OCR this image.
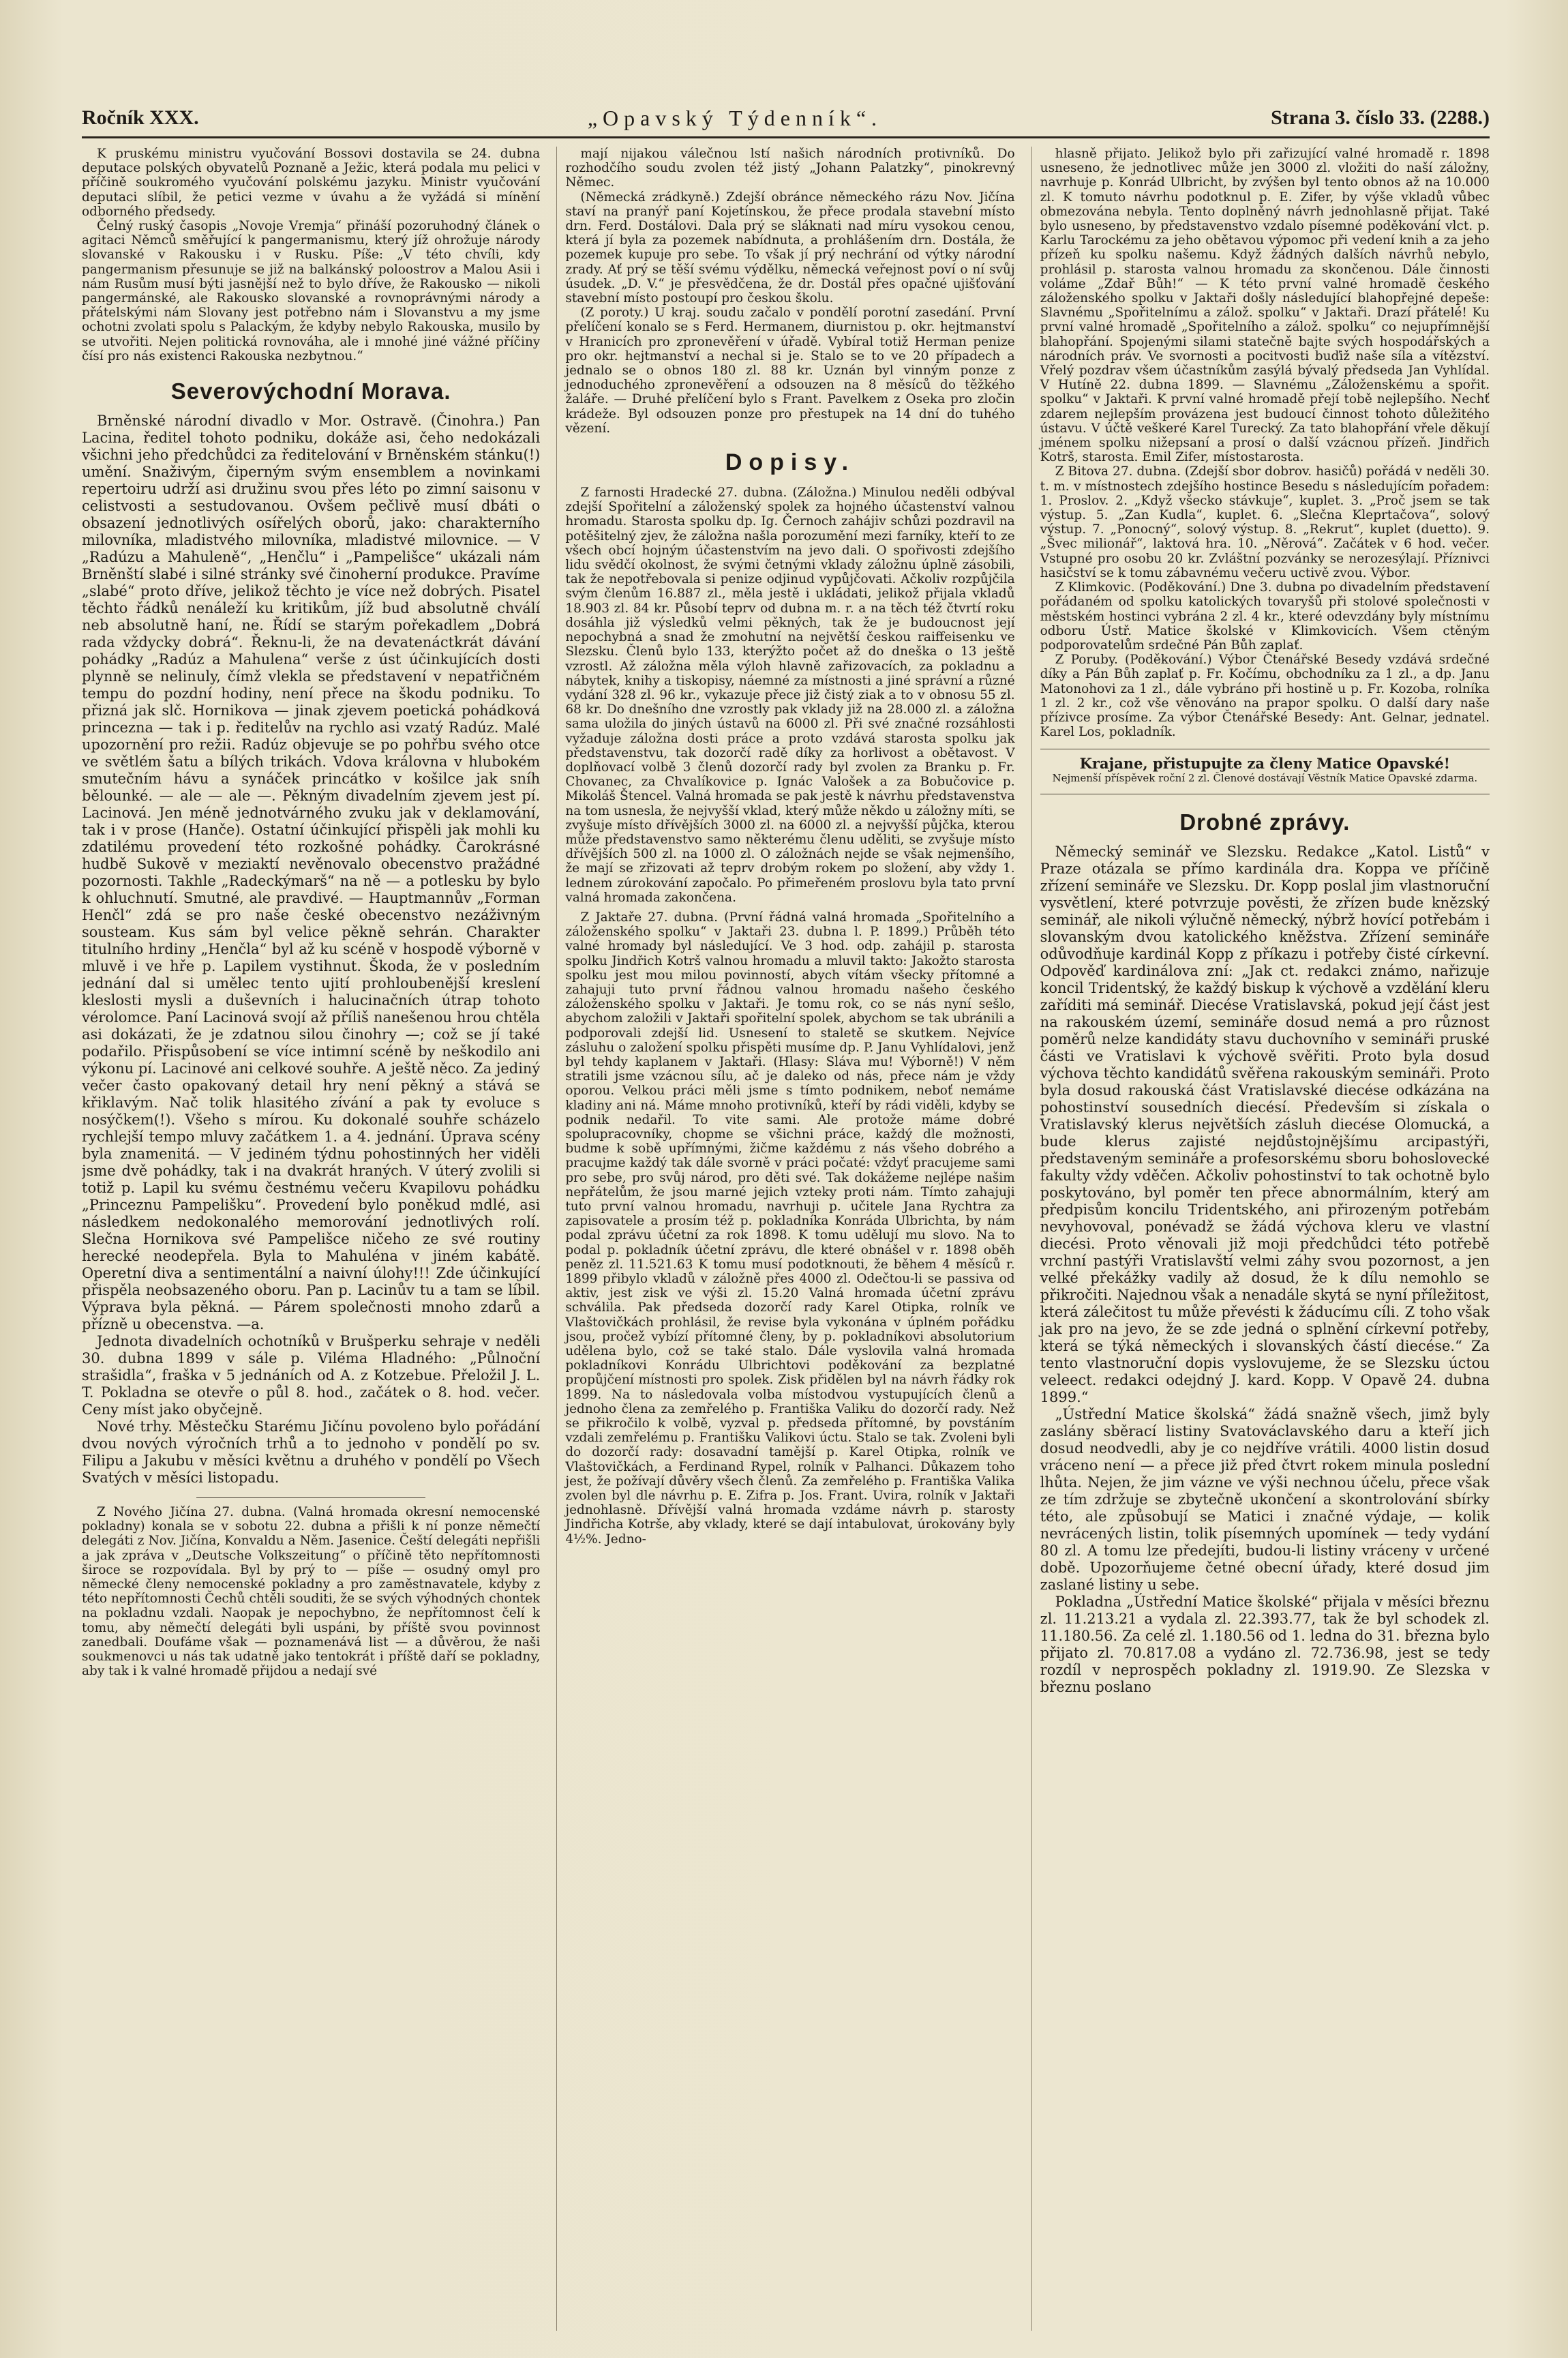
Ročník XXX.	„Opavský Týdenník“.	Strana 3. číslo 33. (2288.)

K pruskému ministru vyučování Bossovi dostavila se 24. dubna deputace polských obyvatelů Poznaně a Ježic, která podala mu pelici v příčině soukromého vyučování polskému jazyku. Ministr vyučování deputaci slíbil, že petici vezme v úvahu a že vyžádá si mínění odborného předsedy.

Čelný ruský časopis „Novoje Vremja“ přináší pozoruhodný článek o agitaci Němců směřující k pangermanismu, který jíž ohrožuje národy slovanské v Rakousku i v Rusku. Píše: „V této chvíli, kdy pangermanism přesunuje se již na balkánský poloostrov a Malou Asii i nám Rusům musí býti jasnější než to bylo dříve, že Rakousko — nikoli pangermánské, ale Rakousko slovanské a rovnoprávnými národy a přátelskými nám Slovany jest potřebno nám i Slovanstvu a my jsme ochotni zvolati spolu s Palackým, že kdyby nebylo Rakouska, musilo by se utvořiti. Nejen politická rovnováha, ale i mnohé jiné vážné příčiny čísí pro nás existenci Rakouska nezbytnou.“

Severovýchodní Morava.

Brněnské národní divadlo v Mor. Ostravě. (Činohra.) Pan Lacina, ředitel tohoto podniku, dokáže asi, čeho nedokázali všichni jeho předchůdci za ředitelování v Brněnském stánku(!) umění. Snaživým, čiperným svým ensemblem a novinkami repertoiru udrží asi družinu svou přes léto po zimní saisonu v celistvosti a sestudovanou. Ovšem pečlivě musí dbáti o obsazení jednotlivých osířelých oborů, jako: charakterního milovníka, mladistvého milovníka, mladistvé milovnice. — V „Radúzu a Mahuleně“, „Henčlu“ i „Pampelišce“ ukázali nám Brněnští slabé i silné stránky své činoherní produkce. Pravíme „slabé“ proto dříve, jelikož těchto je více než dobrých. Pisatel těchto řádků nenáleží ku kritikům, jíž bud absolutně chválí neb absolutně haní, ne. Řídí se starým pořekadlem „Dobrá rada vždycky dobrá“. Řeknu-li, že na devatenáctkrát dávání pohádky „Radúz a Mahulena“ verše z úst účinkujících dosti plynně se nelinuly, čímž vlekla se představení v nepatřičném tempu do pozdní hodiny, není přece na škodu podniku. To přizná jak slč. Hornikova — jinak zjevem poetická pohádková princezna — tak i p. ředitelův na rychlo asi vzatý Radúz. Malé upozornění pro režii. Radúz objevuje se po pohřbu svého otce ve světlém šatu a bílých trikách. Vdova královna v hlubokém smutečním hávu a synáček princátko v košilce jak sníh bělounké. — ale — ale —. Pěkným divadelním zjevem jest pí. Lacinová. Jen méně jednotvárného zvuku jak v deklamování, tak i v prose (Hanče). Ostatní účinkující přispěli jak mohli ku zdatilému provedení této rozkošné pohádky. Čarokrásné hudbě Sukově v meziaktí nevěnovalo obecenstvo pražádné pozornosti. Takhle „Radeckýmarš“ na ně — a potlesku by bylo k ohluchnutí. Smutné, ale pravdivé. — Hauptmannův „Forman Henčl“ zdá se pro naše české obecenstvo nezáživným sousteam. Kus sám byl velice pěkně sehrán. Charakter titulního hrdiny „Henčla“ byl až ku scéně v hospodě výborně v mluvě i ve hře p. Lapilem vystihnut. Škoda, že v posledním jednání dal si umělec tento ujití prohloubenější kreslení kleslosti mysli a duševních i halucinačních útrap tohoto vérolomce. Paní Lacinová svojí až příliš nanešenou hrou chtěla asi dokázati, že je zdatnou silou činohry —; což se jí také podařilo. Přispůsobení se více intimní scéně by neškodilo ani výkonu pí. Lacinové ani celkové souhře. A ještě něco. Za jediný večer často opakovaný detail hry není pěkný a stává se křiklavým. Nač tolik hlasitého zívání a pak ty evoluce s nosýčkem(!). Všeho s mírou. Ku dokonalé souhře scházelo rychlejší tempo mluvy začátkem 1. a 4. jednání. Úprava scény byla znamenitá. — V jediném týdnu pohostinných her viděli jsme dvě pohádky, tak i na dvakrát hraných. V úterý zvolili si totiž p. Lapil ku svému čestnému večeru Kvapilovu pohádku „Princeznu Pampelišku“. Provedení bylo poněkud mdlé, asi následkem nedokonalého memorování jednotlivých rolí. Slečna Hornikova své Pampelišce ničeho ze své routiny herecké neodepřela. Byla to Mahuléna v jiném kabátě. Operetní diva a sentimentální a naivní úlohy!!! Zde účinkující přispěla neobsazeného oboru. Pan p. Lacinův tu a tam se líbil. Výprava byla pěkná. — Párem společnosti mnoho zdarů a přízně u obecenstva. —a.

Jednota divadelních ochotníků v Brušperku sehraje v neděli 30. dubna 1899 v sále p. Viléma Hladného: „Půlnoční strašidla“, fraška v 5 jednáních od A. z Kotzebue. Přeložil J. L. T. Pokladna se otevře o půl 8. hod., začátek o 8. hod. večer. Ceny míst jako obyčejně.

Nové trhy. Městečku Starému Jičínu povoleno bylo pořádání dvou nových výročních trhů a to jednoho v pondělí po sv. Filipu a Jakubu v měsíci květnu a druhého v pondělí po Všech Svatých v měsíci listopadu.

Z Nového Jičína 27. dubna. (Valná hromada okresní nemocenské pokladny) konala se v sobotu 22. dubna a přišli k ní ponze němečtí delegáti z Nov. Jičína, Konvaldu a Něm. Jasenice. Čeští delegáti nepřišli a jak zpráva v „Deutsche Volkszeitung“ o příčině těto nepřítomnosti široce se rozpovídala. Byl by prý to — píše — osudný omyl pro německé členy nemocenské pokladny a pro zaměstnavatele, kdyby z této nepřítomnosti Čechů chtěli souditi, že se svých výhodných chontek na pokladnu vzdali. Naopak je nepochybno, že nepřítomnost čelí k tomu, aby němečtí delegáti byli uspáni, by příště svou povinnost zanedbali. Doufáme však — poznamenává list — a důvěrou, že naši soukmenovci u nás tak udatně jako tentokrát i příště daří se pokladny, aby tak i k valné hromadě přijdou a nedají své

mají nijakou válečnou lstí našich národních protivníků. Do rozhodčího soudu zvolen též jistý „Johann Palatzky“, pinokrevný Němec.

(Německá zrádkyně.) Zdejší obránce německého rázu Nov. Jičína staví na pranýř paní Kojetínskou, že přece prodala stavební místo drn. Ferd. Dostálovi. Dala prý se sláknati nad míru vysokou cenou, která jí byla za pozemek nabídnuta, a prohlášením drn. Dostála, že pozemek kupuje pro sebe. To však jí prý nechrání od výtky národní zrady. Ať prý se těší svému výdělku, německá veřejnost poví o ní svůj úsudek. „D. V.“ je přesvědčena, že dr. Dostál přes opačné ujišťování stavební místo postoupí pro českou školu.

(Z poroty.) U kraj. soudu začalo v pondělí porotní zasedání. První přelíčení konalo se s Ferd. Hermanem, diurnistou p. okr. hejtmanství v Hranicích pro zpronevěření v úřadě. Vybíral totiž Herman penize pro okr. hejtmanství a nechal si je. Stalo se to ve 20 případech a jednalo se o obnos 180 zl. 88 kr. Uznán byl vinným ponze z jednoduchého zpronevěření a odsouzen na 8 měsíců do těžkého žaláře. — Druhé přelíčení bylo s Frant. Pavelkem z Oseka pro zločin krádeže. Byl odsouzen ponze pro přestupek na 14 dní do tuhého vězení.

Dopisy.

Z farnosti Hradecké 27. dubna. (Záložna.) Minulou neděli odbýval zdejší Spořitelní a záloženský spolek za hojného účastenství valnou hromadu. Starosta spolku dp. Ig. Černoch zahájiv schůzi pozdravil na potěšitelný zjev, že záložna našla porozumění mezi farníky, kteří to ze všech obcí hojným účastenstvím na jevo dali. O spořivosti zdejšího lidu svědčí okolnost, že svými četnými vklady záložnu úplně zásobili, tak že nepotřebovala si penize odjinud vypůjčovati. Ačkoliv rozpůjčila svým členům 16.887 zl., měla jestě i ukládati, jelikož přijala vkladů 18.903 zl. 84 kr. Působí teprv od dubna m. r. a na těch též čtvrtí roku dosáhla již výsledků velmi pěkných, tak že je budoucnost její nepochybná a snad že zmohutní na největší českou raiffeisenku ve Slezsku. Členů bylo 133, kterýžto počet až do dneška o 13 ještě vzrostl. Až záložna měla výloh hlavně zařizovacích, za pokladnu a nábytek, knihy a tiskopisy, náemné za místnosti a jiné správní a různé vydání 328 zl. 96 kr., vykazuje přece již čistý ziak a to v obnosu 55 zl. 68 kr. Do dnešního dne vzrostly pak vklady již na 28.000 zl. a záložna sama uložila do jiných ústavů na 6000 zl. Při své značné rozsáhlosti vyžaduje záložna dosti práce a proto vzdává starosta spolku jak představenstvu, tak dozorčí radě díky za horlivost a obětavost. V doplňovací volbě 3 členů dozorčí rady byl zvolen za Branku p. Fr. Chovanec, za Chvalíkovice p. Ignác Valošek a za Bobučovice p. Mikoláš Štencel. Valná hromada se pak jestě k návrhu představenstva na tom usnesla, že nejvyšší vklad, který může někdo u záložny míti, se zvyšuje místo dřívějších 3000 zl. na 6000 zl. a nejvyšší půjčka, kterou může představenstvo samo některému členu uděliti, se zvyšuje místo dřívějších 500 zl. na 1000 zl. O záložnách nejde se však nejmenšího, že mají se zřizovati až teprv drobým rokem po složení, aby vždy 1. lednem zúrokování započalo. Po přimeřeném proslovu byla tato první valná hromada zakončena.

Z Jaktaře 27. dubna. (První řádná valná hromada „Spořitelního a záloženského spolku“ v Jaktaři 23. dubna l. P. 1899.) Průběh této valné hromady byl následující. Ve 3 hod. odp. zahájil p. starosta spolku Jindřich Kotrš valnou hromadu a mluvil takto: Jakožto starosta spolku jest mou milou povinností, abych vítám všecky přítomné a zahajuji tuto první řádnou valnou hromadu našeho českého záloženského spolku v Jaktaři. Je tomu rok, co se nás nyní sešlo, abychom založili v Jaktaři spořitelní spolek, abychom se tak ubránili a podporovali zdejší lid. Usnesení to staletě se skutkem. Nejvíce zásluhu o založení spolku přispěti musíme dp. P. Janu Vyhlídalovi, jenž byl tehdy kaplanem v Jaktaři. (Hlasy: Sláva mu! Výborně!) V něm stratili jsme vzácnou sílu, ač je daleko od nás, přece nám je vždy oporou. Velkou práci měli jsme s tímto podnikem, neboť nemáme kladiny ani ná. Máme mnoho protivníků, kteří by rádi viděli, kdyby se podnik nedařil. To vite sami. Ale protože máme dobré spolupracovníky, chopme se všichni práce, každý dle možnosti, budme k sobě upřímnými, žičme každému z nás všeho dobrého a pracujme každý tak dále svorně v práci počaté: vždyť pracujeme sami pro sebe, pro svůj národ, pro děti své. Tak dokážeme nejlépe našim nepřátelům, že jsou marné jejich vzteky proti nám. Tímto zahajuji tuto první valnou hromadu, navrhuji p. učitele Jana Rychtra za zapisovatele a prosím též p. pokladníka Konráda Ulbrichta, by nám podal zprávu účetní za rok 1898. K tomu udělují mu slovo. Na to podal p. pokladník účetní zprávu, dle které obnášel v r. 1898 oběh peněz zl. 11.521.63 K tomu musí podotknouti, že během 4 měsíců r. 1899 přibylo vkladů v záložně přes 4000 zl. Odečtou-li se passiva od aktiv, jest zisk ve výši zl. 15.20 Valná hromada účetní zprávu schválila. Pak předseda dozorčí rady Karel Otipka, rolník ve Vlaštovičkách prohlásil, že revise byla vykonána v úplném pořádku jsou, pročež vybízí přítomné členy, by p. pokladníkovi absolutorium udělena bylo, což se také stalo. Dále vyslovila valná hromada pokladníkovi Konrádu Ulbrichtovi poděkování za bezplatné propůjčení místnosti pro spolek. Zisk přidělen byl na návrh řádky rok 1899. Na to následovala volba místodvou vystupujících členů a jednoho člena za zemřelého p. Františka Valiku do dozorčí rady. Než se přikročilo k volbě, vyzval p. předseda přítomné, by povstáním vzdali zemřelému p. Františku Valikovi úctu. Stalo se tak. Zvoleni byli do dozorčí rady: dosavadní tamější p. Karel Otipka, rolník ve Vlaštovičkách, a Ferdinand Rypel, rolník v Palhanci. Důkazem toho jest, že požívají důvěry všech členů. Za zemřelého p. Františka Valika zvolen byl dle návrhu p. E. Zifra p. Jos. Frant. Uvira, rolník v Jaktaři jednohlasně. Dřívější valná hromada vzdáme návrh p. starosty Jindřicha Kotrše, aby vklady, které se dají intabulovat, úrokovány byly 4½%. Jedno-

hlasně přijato. Jelikož bylo při zařizující valné hromadě r. 1898 usneseno, že jednotlivec může jen 3000 zl. vložiti do naší záložny, navrhuje p. Konrád Ulbricht, by zvýšen byl tento obnos až na 10.000 zl. K tomuto návrhu podotknul p. E. Zifer, by výše vkladů vůbec obmezována nebyla. Tento doplněný návrh jednohlasně přijat. Také bylo usneseno, by představenstvo vzdalo písemné poděkování vlct. p. Karlu Tarockému za jeho obětavou výpomoc při vedení knih a za jeho přízeň ku spolku našemu. Když žádných dalších návrhů nebylo, prohlásil p. starosta valnou hromadu za skončenou. Dále činnosti voláme „Zdař Bůh!“ — K této první valné hromadě českého záloženského spolku v Jaktaři došly následující blahopřejné depeše: Slavnému „Spořitelnímu a zálož. spolku“ v Jaktaři. Drazí přátelé! Ku první valné hromadě „Spořitelního a zálož. spolku“ co nejupřímnější blahopřání. Spojenými silami statečně bajte svých hospodářských a národních práv. Ve svornosti a pocitvosti buďiž naše síla a vítězství. Vřelý pozdrav všem účastníkům zasýlá bývalý předseda Jan Vyhlídal. V Hutíně 22. dubna 1899. — Slavnému „Záloženskému a spořit. spolku“ v Jaktaři. K první valné hromadě přejí tobě nejlepšího. Nechť zdarem nejlepším provázena jest budoucí činnost tohoto důležitého ústavu. V účtě veškeré Karel Turecký. Za tato blahopřání vřele děkují jménem spolku nižepsaní a prosí o další vzácnou přízeň. Jindřich Kotrš, starosta. Emil Zifer, místostarosta.

Z Bitova 27. dubna. (Zdejší sbor dobrov. hasičů) pořádá v neděli 30. t. m. v místnostech zdejšího hostince Besedu s následujícím pořadem: 1. Proslov. 2. „Když všecko stávkuje“, kuplet. 3. „Proč jsem se tak výstup. 5. „Zan Kudla“, kuplet. 6. „Slečna Kleprtačova“, solový výstup. 7. „Ponocný“, solový výstup. 8. „Rekrut“, kuplet (duetto). 9. „Švec milionář“, laktová hra. 10. „Něrová“. Začátek v 6 hod. večer. Vstupné pro osobu 20 kr. Zvláštní pozvánky se nerozesýlají. Příznivci hasičství se k tomu zábavnému večeru uctivě zvou. Výbor.

Z Klimkovic. (Poděkování.) Dne 3. dubna po divadelním představení pořádaném od spolku katolických tovaryšů při stolové společnosti v městském hostinci vybrána 2 zl. 4 kr., které odevzdány byly místnímu odboru Ústř. Matice školské v Klimkovicích. Všem ctěným podporovatelům srdečné Pán Bůh zaplať.

Z Poruby. (Poděkování.) Výbor Čtenářské Besedy vzdává srdečné díky a Pán Bůh zaplať p. Fr. Kočímu, obchodníku za 1 zl., a dp. Janu Matonohovi za 1 zl., dále vybráno při hostině u p. Fr. Kozoba, rolníka 1 zl. 2 kr., což vše věnováno na prapor spolku. O další dary naše přízivce prosíme. Za výbor Čtenářské Besedy: Ant. Gelnar, jednatel. Karel Los, pokladník.

Krajane, přistupujte za členy Matice Opavské!

Nejmenší příspěvek roční 2 zl. Členové dostávají Věstník Matice Opavské zdarma.

Drobné zprávy.

Německý seminář ve Slezsku. Redakce „Katol. Listů“ v Praze otázala se přímo kardinála dra. Koppa ve příčině zřízení semináře ve Slezsku. Dr. Kopp poslal jim vlastnoruční vysvětlení, které potvrzuje pověsti, že zřízen bude knězský seminář, ale nikoli výlučně německý, nýbrž hovící potřebám i slovanským dvou katolického kněžstva. Zřízení semináře odůvodňuje kardinál Kopp z příkazu i potřeby čisté církevní. Odpověď kardinálova zní: „Jak ct. redakci známo, nařizuje koncil Tridentský, že každý biskup k výchově a vzdělání kleru zaříditi má seminář. Diecése Vratislavská, pokud její část jest na rakouském území, semináře dosud nemá a pro různost poměrů nelze kandidáty stavu duchovního v semináři pruské části ve Vratislavi k výchově svěřiti. Proto byla dosud výchova těchto kandidátů svěřena rakouským semináři. Proto byla dosud rakouská část Vratislavské diecése odkázána na pohostinství sousedních diecésí. Především si získala o Vratislavský klerus největších zásluh diecése Olomucká, a bude klerus zajisté nejdůstojnějšímu arcipastýři, představeným semináře a profesorskému sboru bohoslovecké fakulty vždy vděčen. Ačkoliv pohostinství to tak ochotně bylo poskytováno, byl poměr ten přece abnormálním, který am předpisům koncilu Tridentského, ani přirozeným potřebám nevyhovoval, ponévadž se žádá výchova kleru ve vlastní diecési. Proto věnovali již moji předchůdci této potřebě vrchní pastýři Vratislavští velmi záhy svou pozornost, a jen velké překážky vadily až dosud, že k dílu nemohlo se přikročiti. Najednou však a nenadále skytá se nyní příležitost, která zálečitost tu může převésti k žáducímu cíli. Z toho však jak pro na jevo, že se zde jedná o splnění církevní potřeby, která se týká německých i slovanských částí diecése.“ Za tento vlastnoruční dopis vyslovujeme, že se Slezsku úctou veleect. redakci odejdný J. kard. Kopp. V Opavě 24. dubna 1899.“

„Ústřední Matice školská“ žádá snažně všech, jimž byly zaslány sběrací listiny Svatováclavského daru a kteří jich dosud neodvedli, aby je co nejdříve vrátili. 4000 listin dosud vráceno není — a přece již před čtvrt rokem minula poslední lhůta. Nejen, že jim vázne ve výši nechnou účelu, přece však ze tím zdržuje se zbytečně ukončení a skontrolování sbírky této, ale způsobují se Matici i značné výdaje, — kolik nevrácených listin, tolik písemných upomínek — tedy vydání 80 zl. A tomu lze předejíti, budou-li listiny vráceny v určené době. Upozorňujeme četné obecní úřady, které dosud jim zaslané listiny u sebe.

Pokladna „Ústřední Matice školské“ přijala v měsíci březnu zl. 11.213.21 a vydala zl. 22.393.77, tak že byl schodek zl. 11.180.56. Za celé zl. 1.180.56 od 1. ledna do 31. března bylo přijato zl. 70.817.08 a vydáno zl. 72.736.98, jest se tedy rozdíl v neprospěch pokladny zl. 1919.90. Ze Slezska v březnu poslano
